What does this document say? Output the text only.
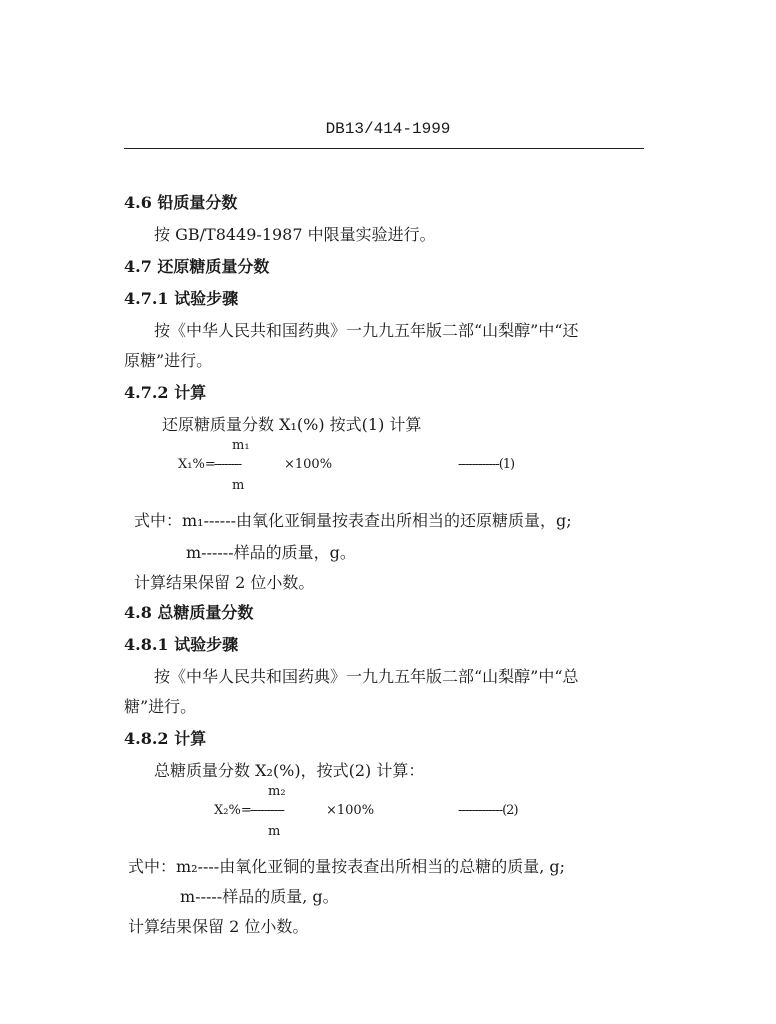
DB13/414-1999
4.6 铅质量分数
按 GB/T8449-1987 中限量实验进行。
4.7 还原糖质量分数
4.7.1 试验步骤
按《中华人民共和国药典》一九九五年版二部“山梨醇”中“还
原糖”进行。
4.7.2 计算
还原糖质量分数 X₁(%) 按式(1) 计算
m₁
X₁%=
--------	×100%
m
------------(1)
式中：m₁------由氧化亚铜量按表查出所相当的还原糖质量，g;
m------样品的质量，g。
计算结果保留 2 位小数。
4.8 总糖质量分数
4.8.1 试验步骤
按《中华人民共和国药典》一九九五年版二部“山梨醇”中“总
糖”进行。
4.8.2 计算
总糖质量分数 X₂(%)，按式(2) 计算：
m₂
X₂%=
----------	×100%
m
-------------(2)
式中：m₂----由氧化亚铜的量按表查出所相当的总糖的质量, g;
m-----样品的质量, g。
计算结果保留 2 位小数。
